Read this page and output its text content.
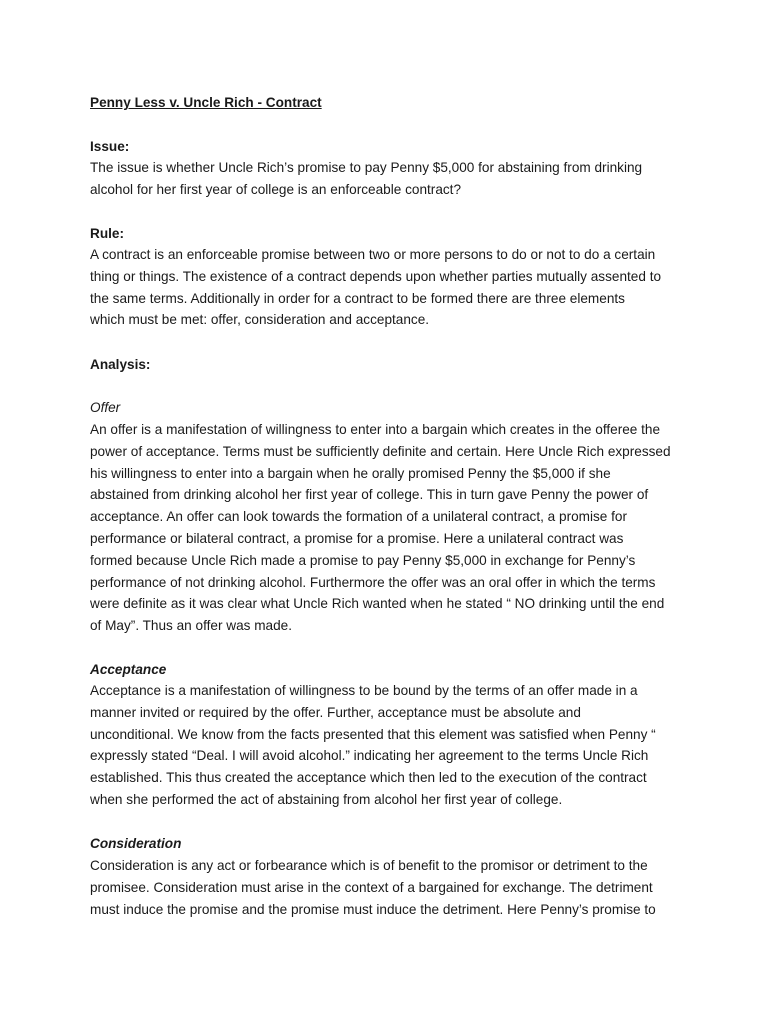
Penny Less v. Uncle Rich - Contract
Issue:
The issue is whether Uncle Rich’s promise to pay Penny $5,000 for abstaining from drinking
alcohol for her first year of college is an enforceable contract?
Rule:
A contract is an enforceable promise between two or more persons to do or not to do a certain
thing or things. The existence of a contract depends upon whether parties mutually assented to
the same terms. Additionally in order for a contract to be formed there are three elements
which must be met: offer, consideration and acceptance.
Analysis:
Offer
An offer is a manifestation of willingness to enter into a bargain which creates in the offeree the
power of acceptance. Terms must be sufficiently definite and certain. Here Uncle Rich expressed
his willingness to enter into a bargain when he orally promised Penny the $5,000 if she
abstained from drinking alcohol her first year of college. This in turn gave Penny the power of
acceptance. An offer can look towards the formation of a unilateral contract, a promise for
performance or bilateral contract, a promise for a promise. Here a unilateral contract was
formed because Uncle Rich made a promise to pay Penny $5,000 in exchange for Penny’s
performance of not drinking alcohol. Furthermore the offer was an oral offer in which the terms
were definite as it was clear what Uncle Rich wanted when he stated “ NO drinking until the end
of May”. Thus an offer was made.
Acceptance
Acceptance is a manifestation of willingness to be bound by the terms of an offer made in a
manner invited or required by the offer. Further, acceptance must be absolute and
unconditional. We know from the facts presented that this element was satisfied when Penny “
expressly stated “Deal. I will avoid alcohol.” indicating her agreement to the terms Uncle Rich
established. This thus created the acceptance which then led to the execution of the contract
when she performed the act of abstaining from alcohol her first year of college.
Consideration
Consideration is any act or forbearance which is of benefit to the promisor or detriment to the
promisee. Consideration must arise in the context of a bargained for exchange. The detriment
must induce the promise and the promise must induce the detriment. Here Penny’s promise to
